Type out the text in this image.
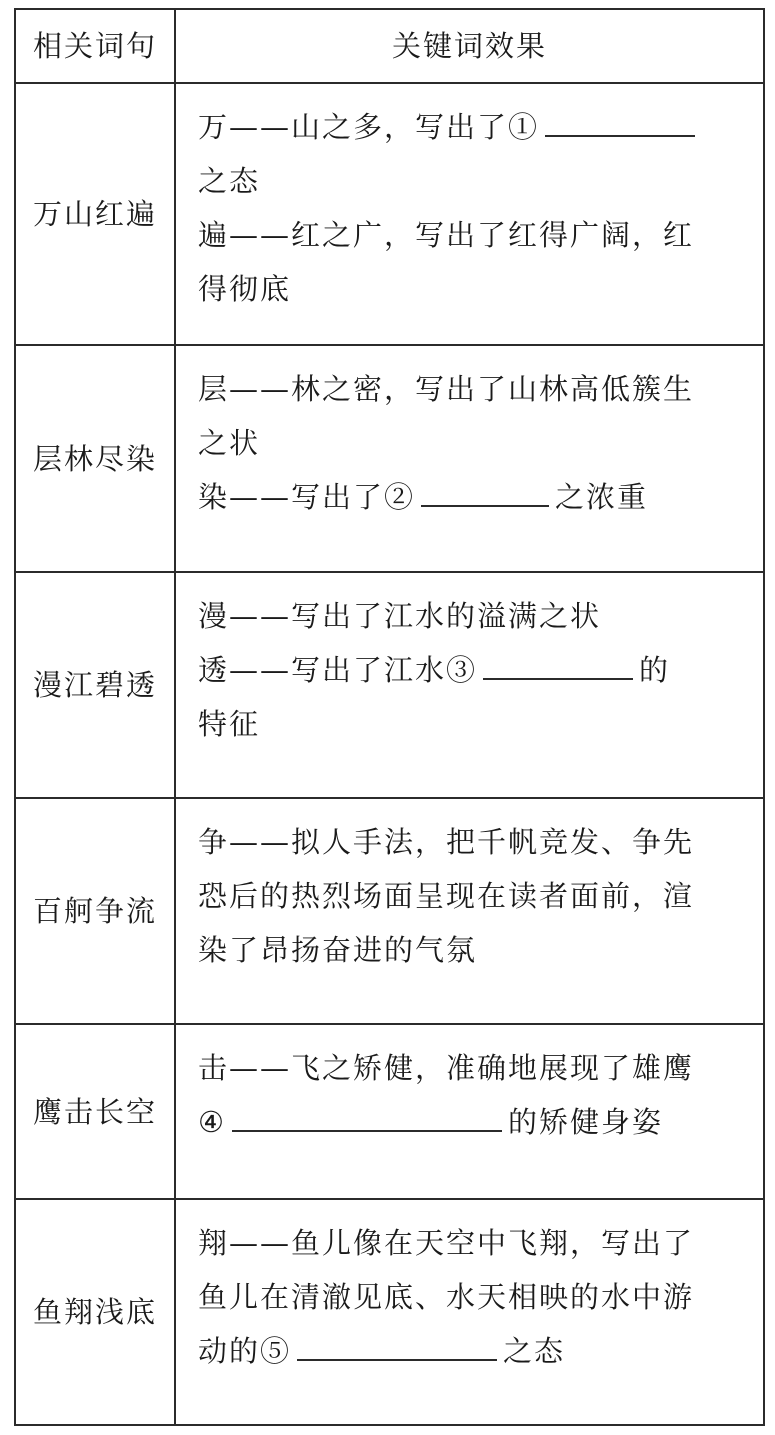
相关词句	关键词效果
万山红遍	万——山之多，写出了①
之态
遍——红之广，写出了红得广阔，红
得彻底

层林尽染	层——林之密，写出了山林高低簇生
之状
染——写出了② 之浓重

漫江碧透	漫——写出了江水的溢满之状
透——写出了江水③ 的
特征

百舸争流	争——拟人手法，把千帆竞发、争先
恐后的热烈场面呈现在读者面前，渲
染了昂扬奋进的气氛

鹰击长空	击——飞之矫健，准确地展现了雄鹰
④ 的矫健身姿

鱼翔浅底	翔——鱼儿像在天空中飞翔，写出了
鱼儿在清澈见底、水天相映的水中游
动的⑤ 之态
